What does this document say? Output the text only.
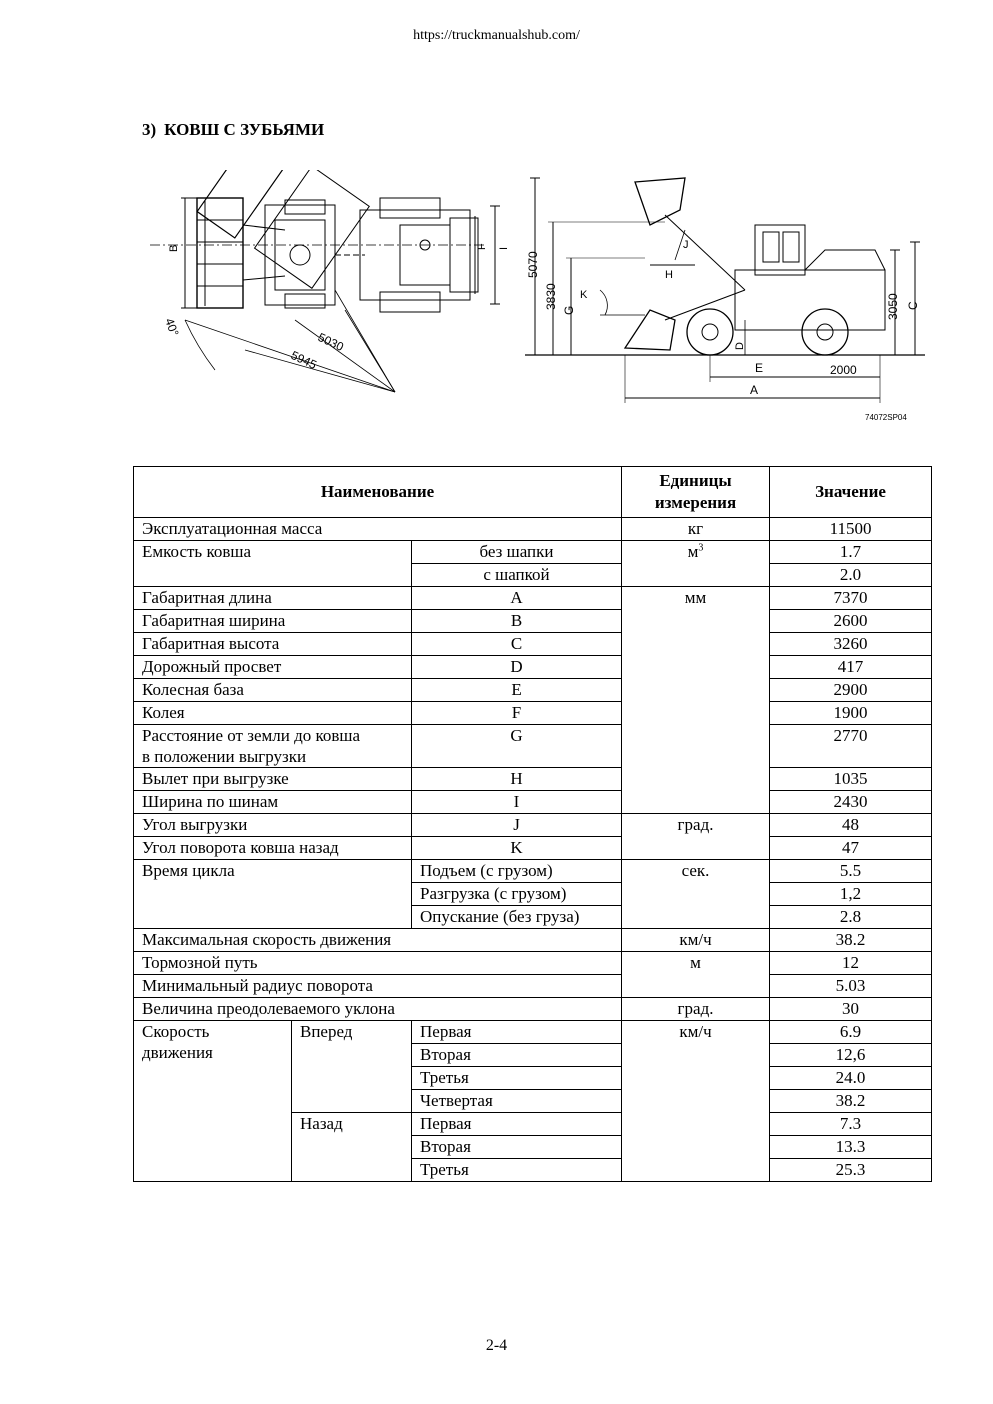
https://truckmanualshub.com/
3) КОВШ С ЗУБЬЯМИ
B	F I
40°
5030
5945
5070
3830
G
H
J
K	3050 C
D
E	2000
A
74072SP04
Наименование			Единицы измерения	Значение
Эксплуатационная масса			кг	11500
Емкость ковша		без шапки	$м^3$	1.7
		с шапкой		2.0
Габаритная длина		A	мм	7370
Габаритная ширина		B		2600
Габаритная высота		C		3260
Дорожный просвет		D		417
Колесная база		E		2900
Колея		F		1900
Расстояние от земли до ковша
в положении выгрузки		G		2770
Вылет при выгрузке		H		1035
Ширина по шинам		I		2430
Угол выгрузки		J	град.	48
Угол поворота ковша назад		K		47
Время цикла		Подъем (с грузом)	сек.	5.5
		Разгрузка (с грузом)		1,2
		Опускание (без груза)		2.8
Максимальная скорость движения			км/ч	38.2
Тормозной путь			м	12
Минимальный радиус поворота				5.03
Величина преодолеваемого уклона			град.	30
Скорость
движения	Вперед	Первая	км/ч	6.9
		Вторая		12,6
		Третья		24.0
		Четвертая		38.2
	Назад	Первая		7.3
		Вторая		13.3
		Третья		25.3
2-4
